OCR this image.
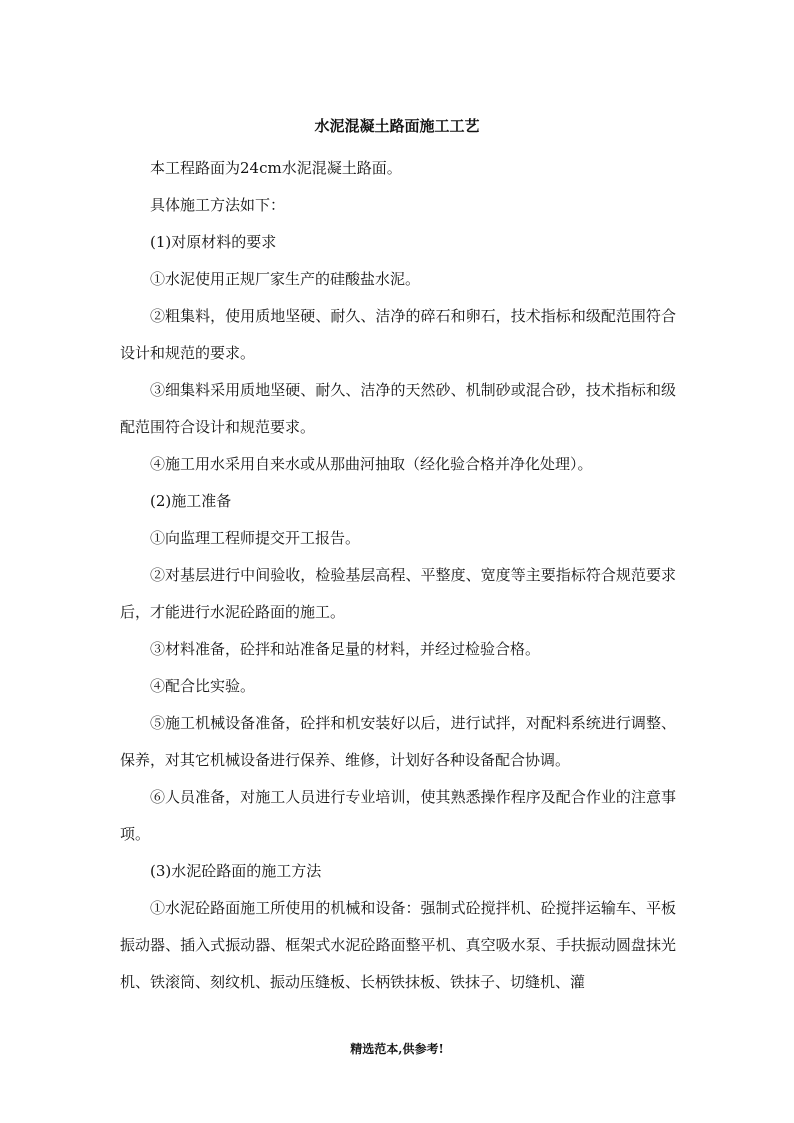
水泥混凝土路面施工工艺

本工程路面为24cm水泥混凝土路面。

具体施工方法如下：

(1)对原材料的要求

①水泥使用正规厂家生产的硅酸盐水泥。

②粗集料，使用质地坚硬、耐久、洁净的碎石和卵石，技术指标和级配范围符合设计和规范的要求。

③细集料采用质地坚硬、耐久、洁净的天然砂、机制砂或混合砂，技术指标和级配范围符合设计和规范要求。

④施工用水采用自来水或从那曲河抽取（经化验合格并净化处理）。

(2)施工准备

①向监理工程师提交开工报告。

②对基层进行中间验收，检验基层高程、平整度、宽度等主要指标符合规范要求后，才能进行水泥砼路面的施工。

③材料准备，砼拌和站准备足量的材料，并经过检验合格。

④配合比实验。

⑤施工机械设备准备，砼拌和机安装好以后，进行试拌，对配料系统进行调整、保养，对其它机械设备进行保养、维修，计划好各种设备配合协调。

⑥人员准备，对施工人员进行专业培训，使其熟悉操作程序及配合作业的注意事项。

(3)水泥砼路面的施工方法

①水泥砼路面施工所使用的机械和设备：强制式砼搅拌机、砼搅拌运输车、平板振动器、插入式振动器、框架式水泥砼路面整平机、真空吸水泵、手扶振动圆盘抹光机、铁滚筒、刻纹机、振动压缝板、长柄铁抹板、铁抹子、切缝机、灌

精选范本,供参考!
